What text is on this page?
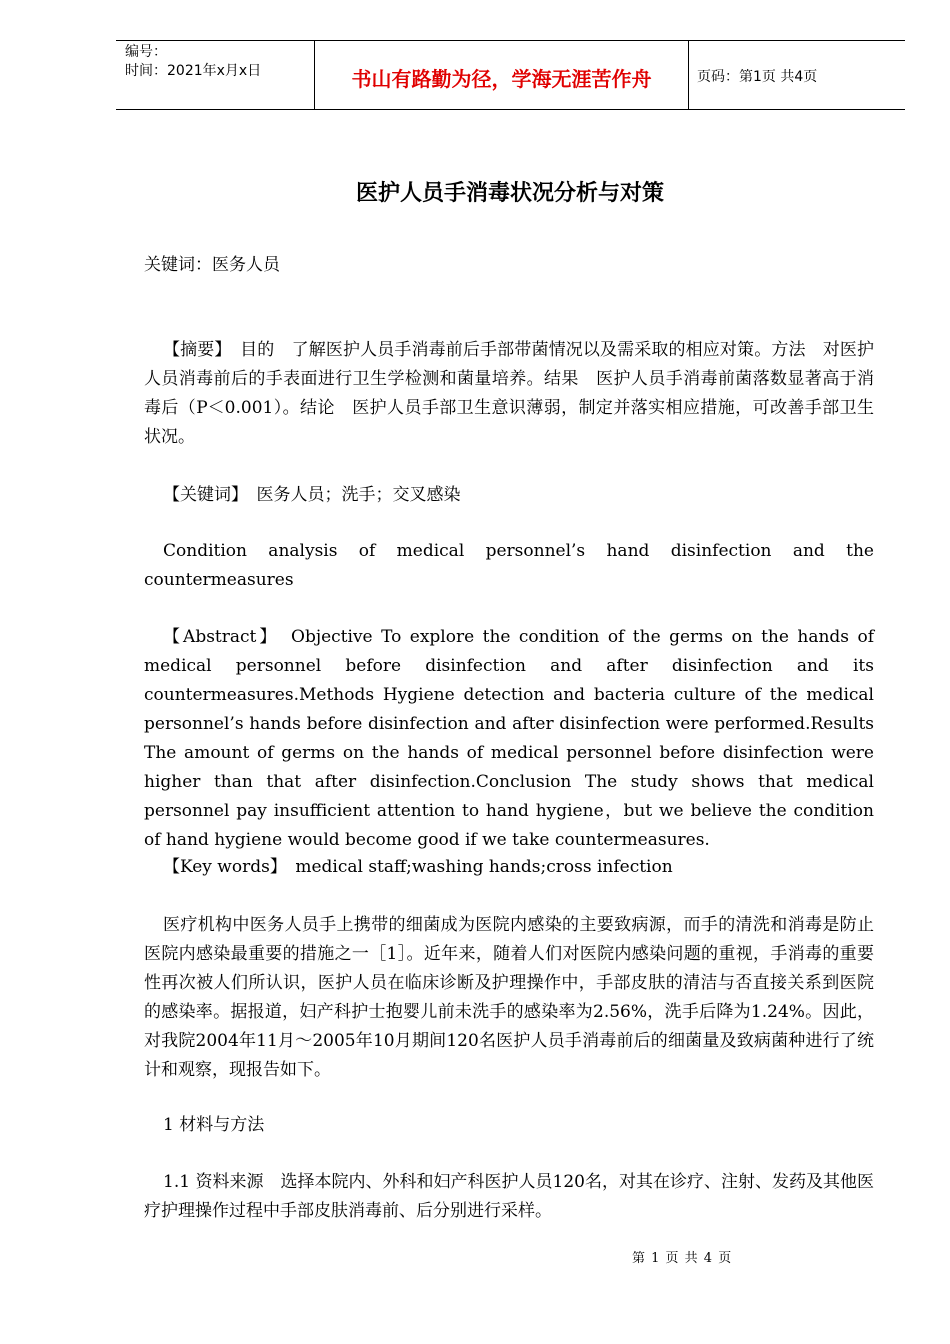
编号：
时间：2021年x月x日	书山有路勤为径，学海无涯苦作舟	页码：第1页 共4页
医护人员手消毒状况分析与对策

关键词：医务人员

【摘要】　目的　了解医护人员手消毒前后手部带菌情况以及需采取的相应对策。方法　对医护人员消毒前后的手表面进行卫生学检测和菌量培养。结果　医护人员手消毒前菌落数显著高于消毒后（P＜0.001）。结论　医护人员手部卫生意识薄弱，制定并落实相应措施，可改善手部卫生状况。

【关键词】　医务人员；洗手；交叉感染

Condition analysis of medical personnel’s hand disinfection and the countermeasures

【Abstract】　Objective To explore the condition of the germs on the hands of medical personnel before disinfection and after disinfection and its countermeasures.Methods Hygiene detection and bacteria culture of the medical personnel’s hands before disinfection and after disinfection were performed.Results The amount of germs on the hands of medical personnel before disinfection were higher than that after disinfection.Conclusion The study shows that medical personnel pay insufficient attention to hand hygiene，but we believe the condition of hand hygiene would become good if we take countermeasures.

【Key words】　medical staff;washing hands;cross infection

医疗机构中医务人员手上携带的细菌成为医院内感染的主要致病源，而手的清洗和消毒是防止医院内感染最重要的措施之一［1］。近年来，随着人们对医院内感染问题的重视，手消毒的重要性再次被人们所认识，医护人员在临床诊断及护理操作中，手部皮肤的清洁与否直接关系到医院的感染率。据报道，妇产科护士抱婴儿前未洗手的感染率为2.56%，洗手后降为1.24%。因此，对我院2004年11月～2005年10月期间120名医护人员手消毒前后的细菌量及致病菌种进行了统计和观察，现报告如下。

1 材料与方法

1.1 资料来源　选择本院内、外科和妇产科医护人员120名，对其在诊疗、注射、发药及其他医疗护理操作过程中手部皮肤消毒前、后分别进行采样。

第 1 页 共 4 页
